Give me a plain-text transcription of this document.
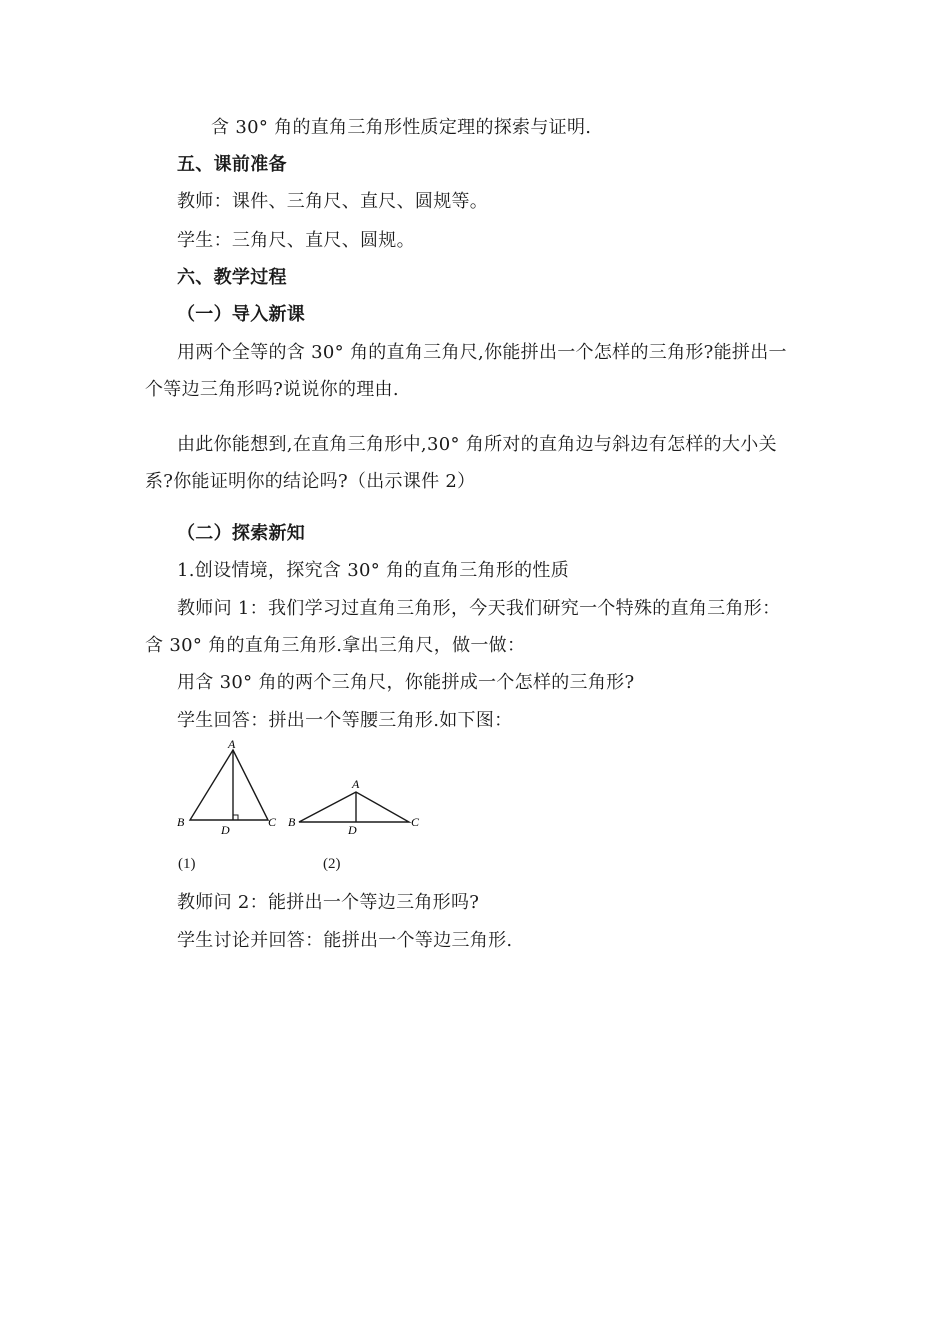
含 30° 角的直角三角形性质定理的探索与证明.
五、课前准备
教师：课件、三角尺、直尺、圆规等。
学生：三角尺、直尺、圆规。
六、教学过程
（一）导入新课
用两个全等的含 30° 角的直角三角尺,你能拼出一个怎样的三角形?能拼出一
个等边三角形吗?说说你的理由.
由此你能想到,在直角三角形中,30° 角所对的直角边与斜边有怎样的大小关
系?你能证明你的结论吗?（出示课件 2）
（二）探索新知
1.创设情境，探究含 30° 角的直角三角形的性质
教师问 1：我们学习过直角三角形，今天我们研究一个特殊的直角三角形：
含 30° 角的直角三角形.拿出三角尺，做一做：
用含 30° 角的两个三角尺，你能拼成一个怎样的三角形?
学生回答：拼出一个等腰三角形.如下图：
A
B	C
D
A
B	C
D
(1)	(2)
教师问 2：能拼出一个等边三角形吗?
学生讨论并回答：能拼出一个等边三角形.
